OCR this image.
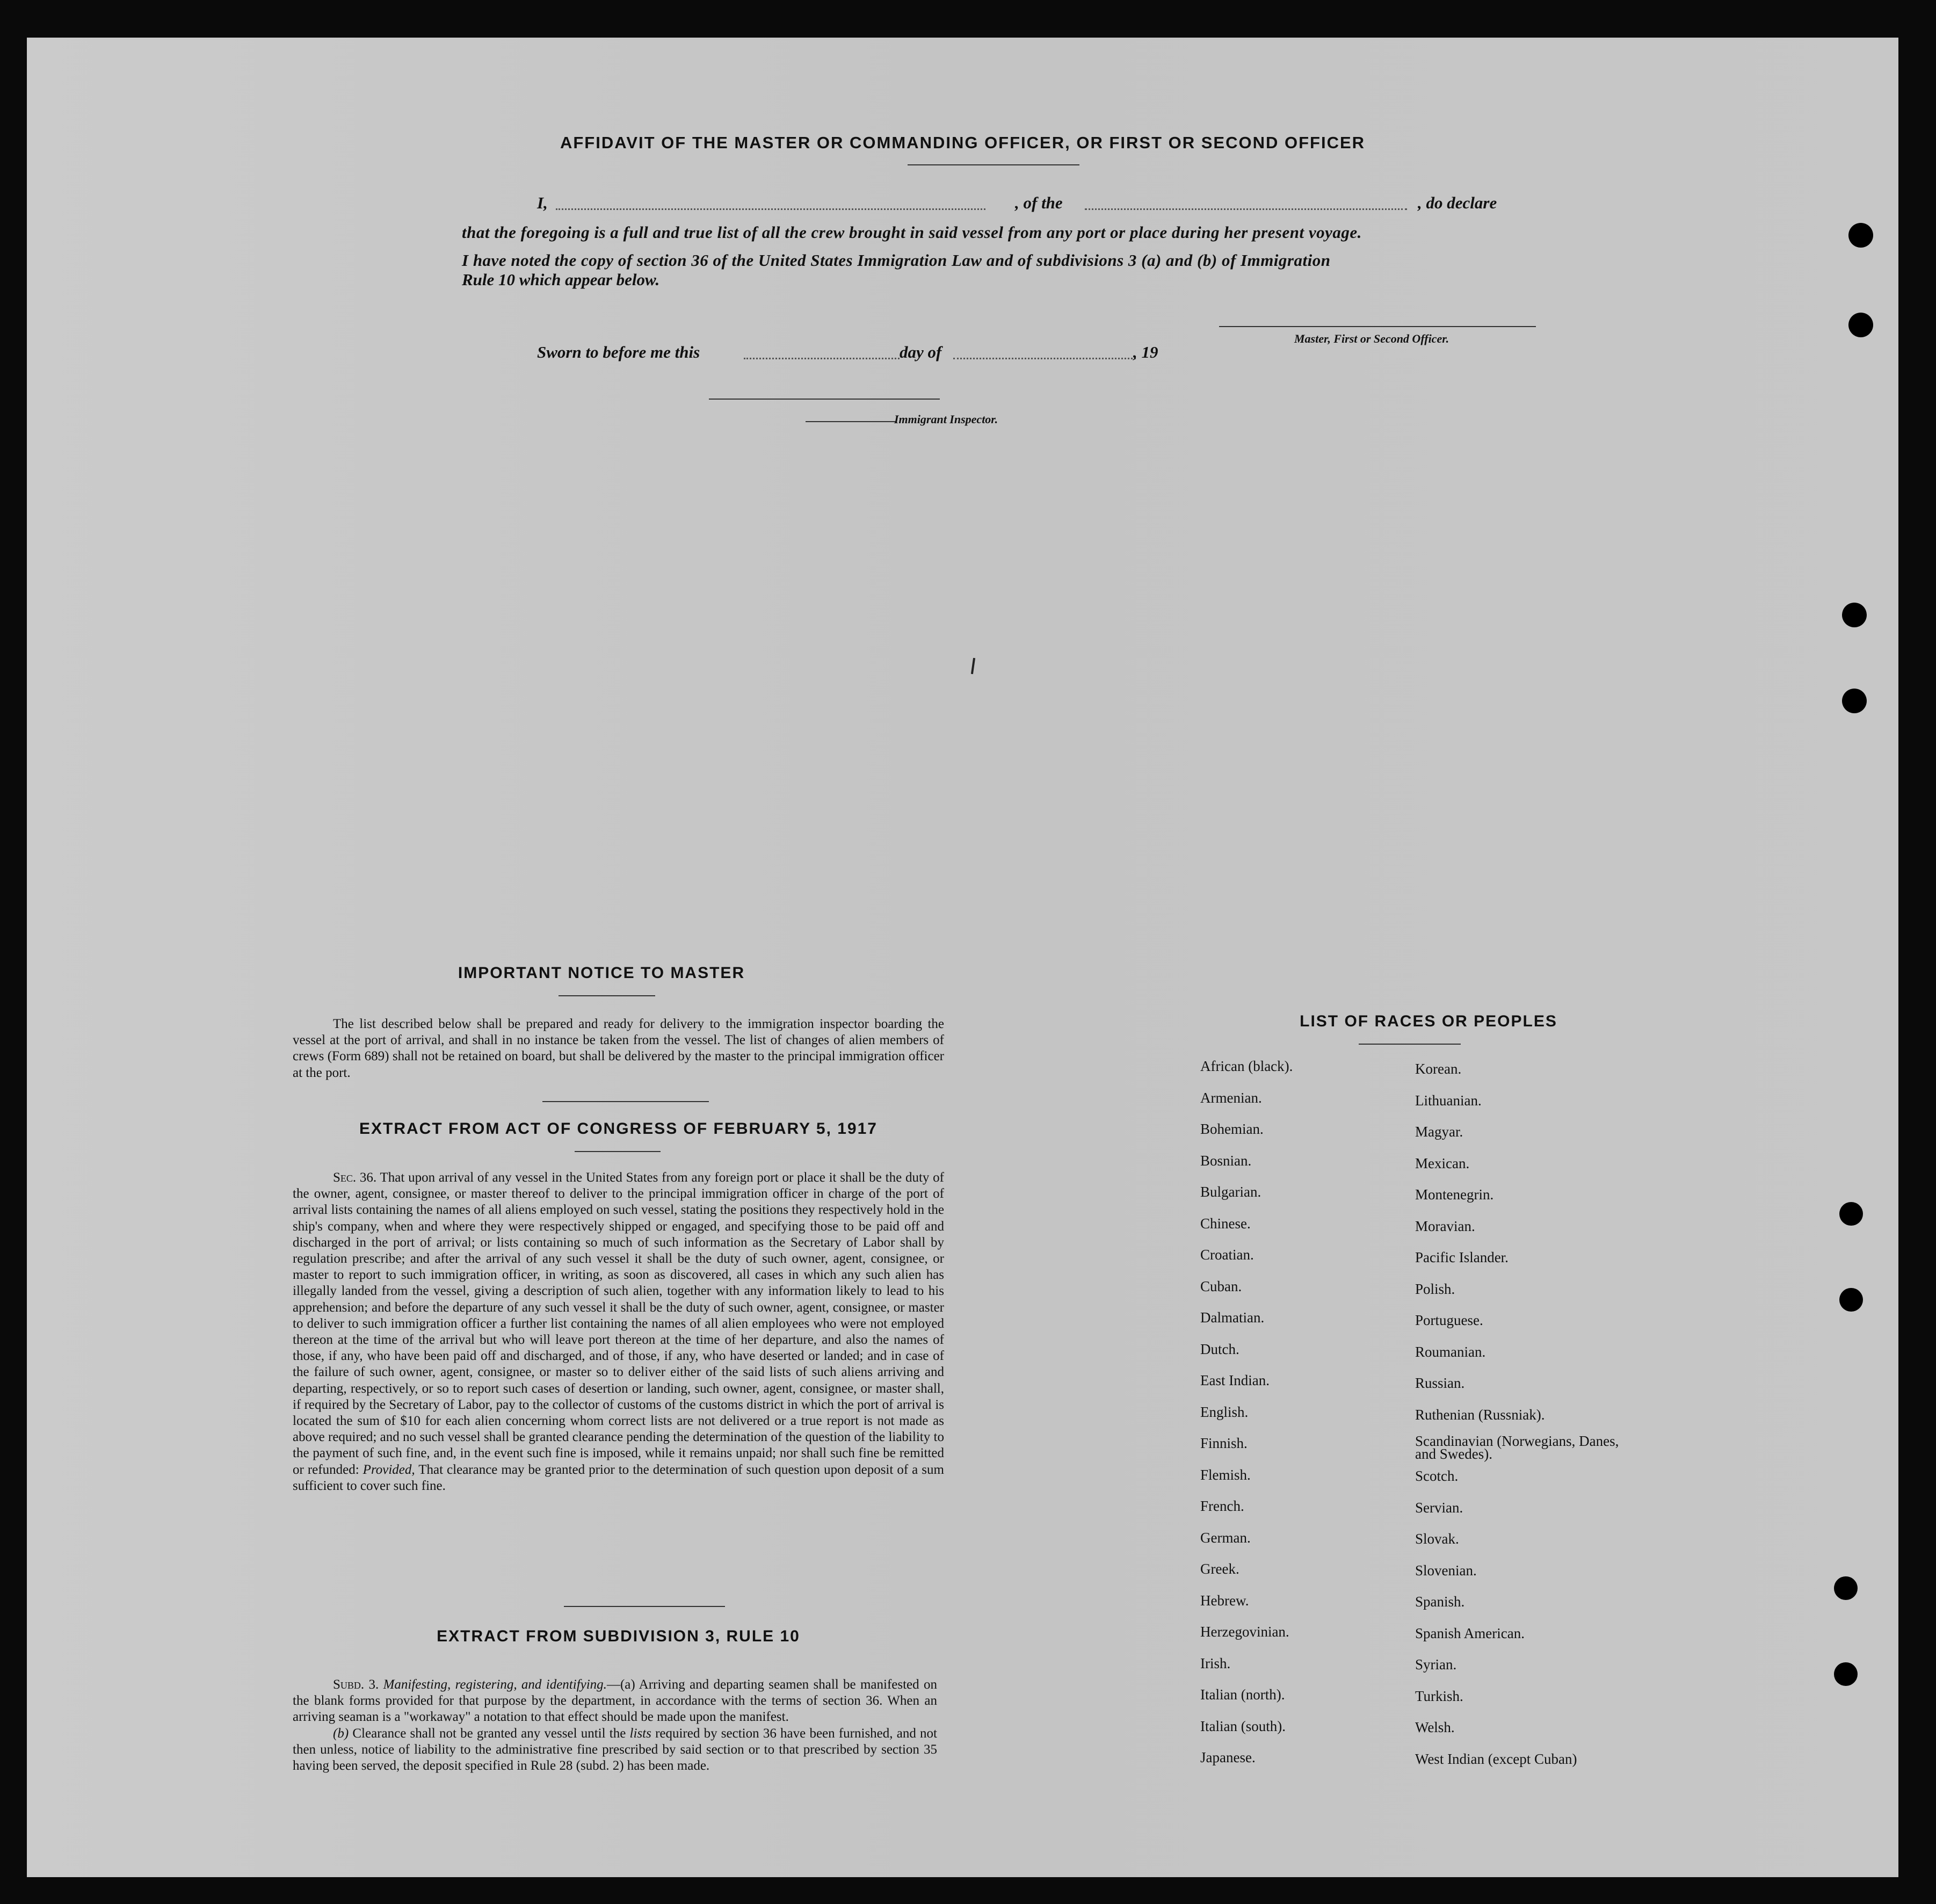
AFFIDAVIT OF THE MASTER OR COMMANDING OFFICER, OR FIRST OR SECOND OFFICER
I,	, of the	, do declare
that the foregoing is a full and true list of all the crew brought in said vessel from any port or place during her present voyage.
I have noted the copy of section 36 of the United States Immigration Law and of subdivisions 3 (a) and (b) of Immigration
Rule 10 which appear below.
Master, First or Second Officer.
Sworn to before me this	day of	, 19
Immigrant Inspector.
IMPORTANT NOTICE TO MASTER
The list described below shall be prepared and ready for delivery to the immigration inspector boarding the vessel at the port of arrival, and shall in no instance be taken from the vessel. The list of changes of alien members of crews (Form 689) shall not be retained on board, but shall be delivered by the master to the principal immigration officer at the port.
EXTRACT FROM ACT OF CONGRESS OF FEBRUARY 5, 1917
Sec. 36. That upon arrival of any vessel in the United States from any foreign port or place it shall be the duty of the owner, agent, consignee, or master thereof to deliver to the principal immigration officer in charge of the port of arrival lists containing the names of all aliens employed on such vessel, stating the positions they respectively hold in the ship's company, when and where they were respectively shipped or engaged, and specifying those to be paid off and discharged in the port of arrival; or lists containing so much of such information as the Secretary of Labor shall by regulation prescribe; and after the arrival of any such vessel it shall be the duty of such owner, agent, consignee, or master to report to such immigration officer, in writing, as soon as discovered, all cases in which any such alien has illegally landed from the vessel, giving a description of such alien, together with any information likely to lead to his apprehension; and before the departure of any such vessel it shall be the duty of such owner, agent, consignee, or master to deliver to such immigration officer a further list containing the names of all alien employees who were not employed thereon at the time of the arrival but who will leave port thereon at the time of her departure, and also the names of those, if any, who have been paid off and discharged, and of those, if any, who have deserted or landed; and in case of the failure of such owner, agent, consignee, or master so to deliver either of the said lists of such aliens arriving and departing, respectively, or so to report such cases of desertion or landing, such owner, agent, consignee, or master shall, if required by the Secretary of Labor, pay to the collector of customs of the customs district in which the port of arrival is located the sum of $10 for each alien concerning whom correct lists are not delivered or a true report is not made as above required; and no such vessel shall be granted clearance pending the determination of the question of the liability to the payment of such fine, and, in the event such fine is imposed, while it remains unpaid; nor shall such fine be remitted or refunded: Provided, That clearance may be granted prior to the determination of such question upon deposit of a sum sufficient to cover such fine.
EXTRACT FROM SUBDIVISION 3, RULE 10

Subd. 3. Manifesting, registering, and identifying.—(a) Arriving and departing seamen shall be manifested on the blank forms provided for that purpose by the department, in accordance with the terms of section 36. When an arriving seaman is a "workaway" a notation to that effect should be made upon the manifest.

(b) Clearance shall not be granted any vessel until the lists required by section 36 have been furnished, and not then unless, notice of liability to the administrative fine prescribed by said section or to that prescribed by section 35 having been served, the deposit specified in Rule 28 (subd. 2) has been made.

LIST OF RACES OR PEOPLES
African (black).
Armenian.
Bohemian.
Bosnian.
Bulgarian.
Chinese.
Croatian.
Cuban.
Dalmatian.
Dutch.
East Indian.
English.
Finnish.
Flemish.
French.
German.
Greek.
Hebrew.
Herzegovinian.
Irish.
Italian (north).
Italian (south).
Japanese.
Korean.
Lithuanian.
Magyar.
Mexican.
Montenegrin.
Moravian.
Pacific Islander.
Polish.
Portuguese.
Roumanian.
Russian.
Ruthenian (Russniak).
Scandinavian (Norwegians, Danes, and Swedes).
Scotch.
Servian.
Slovak.
Slovenian.
Spanish.
Spanish American.
Syrian.
Turkish.
Welsh.
West Indian (except Cuban)
